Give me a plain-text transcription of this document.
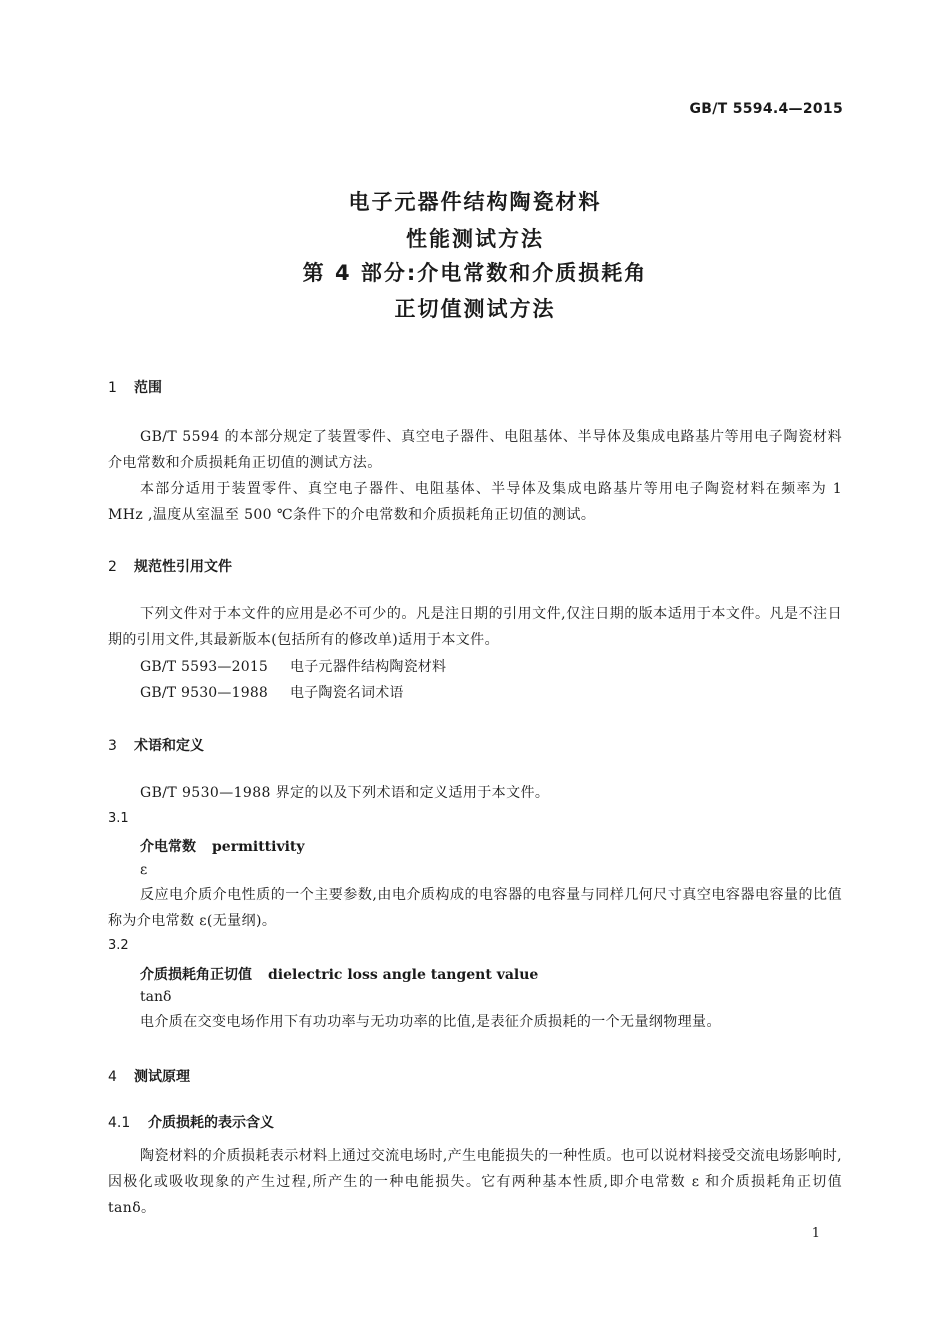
GB/T 5594.4—2015
电子元器件结构陶瓷材料
性能测试方法
第 4 部分:介电常数和介质损耗角
正切值测试方法
1 范围
GB/T 5594 的本部分规定了装置零件、真空电子器件、电阻基体、半导体及集成电路基片等用电子陶瓷材料介电常数和介质损耗角正切值的测试方法。
本部分适用于装置零件、真空电子器件、电阻基体、半导体及集成电路基片等用电子陶瓷材料在频率为 1 MHz ,温度从室温至 500 ℃条件下的介电常数和介质损耗角正切值的测试。
2 规范性引用文件
下列文件对于本文件的应用是必不可少的。凡是注日期的引用文件,仅注日期的版本适用于本文件。凡是不注日期的引用文件,其最新版本(包括所有的修改单)适用于本文件。
GB/T 5593—2015 电子元器件结构陶瓷材料
GB/T 9530—1988 电子陶瓷名词术语
3 术语和定义
GB/T 9530—1988 界定的以及下列术语和定义适用于本文件。
3.1
介电常数 permittivity
ε
反应电介质介电性质的一个主要参数,由电介质构成的电容器的电容量与同样几何尺寸真空电容器电容量的比值称为介电常数 ε(无量纲)。
3.2
介质损耗角正切值 dielectric loss angle tangent value
tanδ
电介质在交变电场作用下有功功率与无功功率的比值,是表征介质损耗的一个无量纲物理量。
4 测试原理
4.1 介质损耗的表示含义
陶瓷材料的介质损耗表示材料上通过交流电场时,产生电能损失的一种性质。也可以说材料接受交流电场影响时,因极化或吸收现象的产生过程,所产生的一种电能损失。它有两种基本性质,即介电常数 ε 和介质损耗角正切值 tanδ。
1
